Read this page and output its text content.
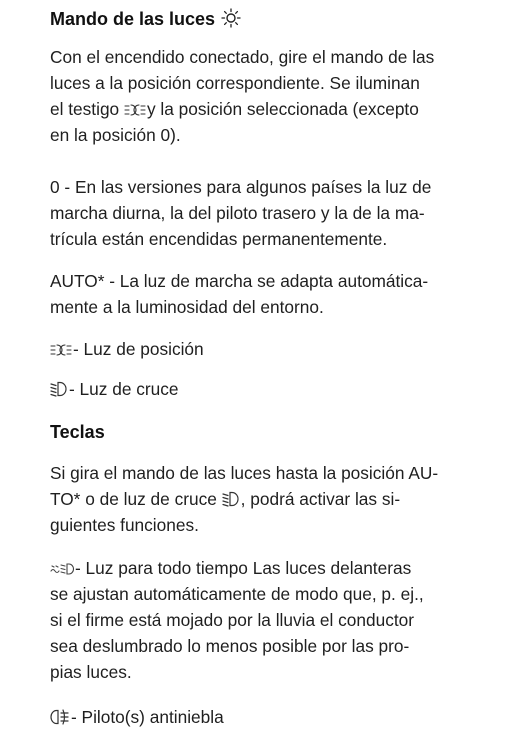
Mando de las luces
Con el encendido conectado, gire el mando de las
luces a la posición correspondiente. Se iluminan
el testigo y la posición seleccionada (excepto
en la posición 0).
0 - En las versiones para algunos países la luz de
marcha diurna, la del piloto trasero y la de la ma-
trícula están encendidas permanentemente.
AUTO* - La luz de marcha se adapta automática-
mente a la luminosidad del entorno.
- Luz de posición
- Luz de cruce
Teclas
Si gira el mando de las luces hasta la posición AU-
TO* o de luz de cruce , podrá activar las si-
guientes funciones.
- Luz para todo tiempo Las luces delanteras
se ajustan automáticamente de modo que, p. ej.,
si el firme está mojado por la lluvia el conductor
sea deslumbrado lo menos posible por las pro-
pias luces.
- Piloto(s) antiniebla
